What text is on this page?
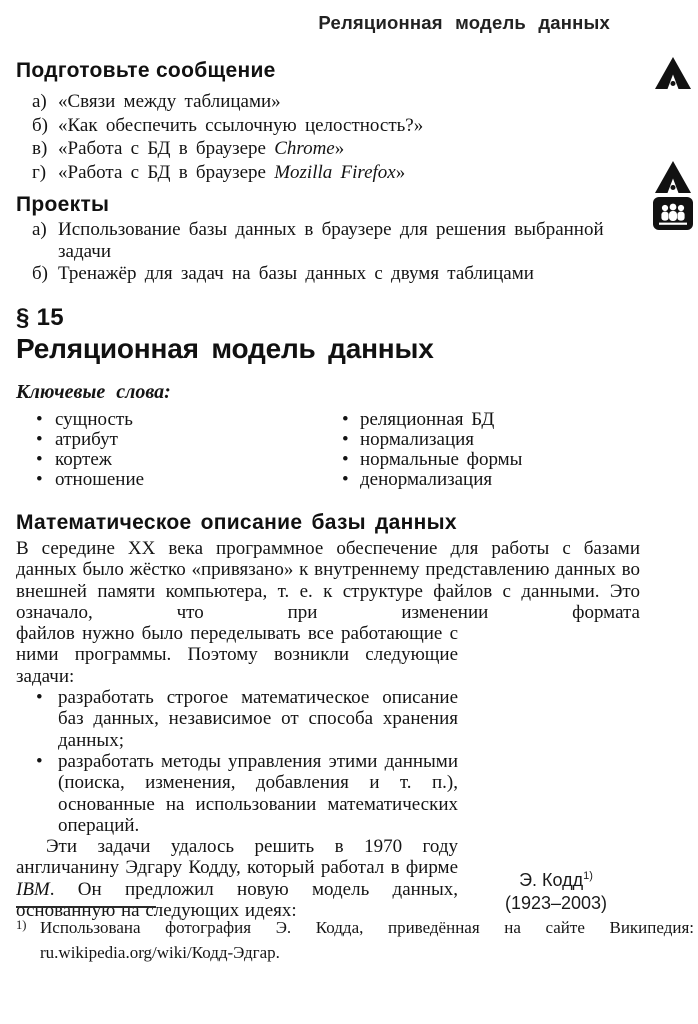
Реляционная модель данных
Подготовьте сообщение
а) «Связи между таблицами»
б) «Как обеспечить ссылочную целостность?»
в) «Работа с БД в браузере Chrome»
г) «Работа с БД в браузере Mozilla Firefox»
Проекты
а) Использование базы данных в браузере для решения выбранной задачи
б) Тренажёр для задач на базы данных с двумя таблицами
§ 15
Реляционная модель данных

Ключевые слова:

• сущность
• атрибут
• кортеж
• отношение
• реляционная БД
• нормализация
• нормальные формы
• денормализация
Математическое описание базы данных

В середине XX века программное обеспечение для работы с базами данных было жёстко «привязано» к внутреннему представлению данных во внешней памяти компьютера, т. е. к структуре файлов с данными. Это означало, что при изменении формата

файлов нужно было переделывать все работающие с ними программы. Поэтому возникли следующие задачи:

• разработать строгое математическое описание баз данных, независимое от способа хранения данных;
• разработать методы управления этими данными (поиска, изменения, добавления и т. п.), основанные на использовании математических операций.

Эти задачи удалось решить в 1970 году англичанину Эдгару Кодду, который работал в фирме IBM. Он предложил новую модель данных, основанную на следующих идеях:

Э. Кодд$^{1)}$
(1923–2003)
1) Использована фотография Э. Кодда, приведённая на сайте Википедия: ru.wikipedia.org/wiki/Кодд-Эдгар.
